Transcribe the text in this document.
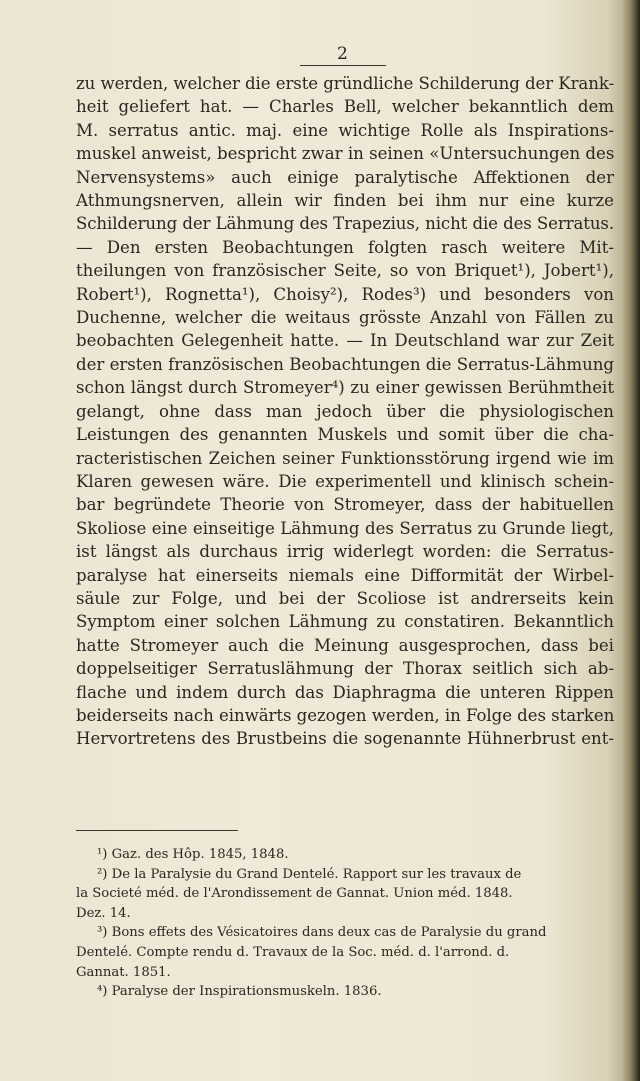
2
zu werden, welcher die erste gründliche Schilderung der Krank-
heit geliefert hat. — Charles Bell, welcher bekanntlich dem
M. serratus antic. maj. eine wichtige Rolle als Inspirations-
muskel anweist, bespricht zwar in seinen «Untersuchungen des
Nervensystems» auch einige paralytische Affektionen der
Athmungsnerven, allein wir finden bei ihm nur eine kurze
Schilderung der Lähmung des Trapezius, nicht die des Serratus.
— Den ersten Beobachtungen folgten rasch weitere Mit-
theilungen von französischer Seite, so von Briquet¹), Jobert¹),
Robert¹), Rognetta¹), Choisy²), Rodes³) und besonders von
Duchenne, welcher die weitaus grösste Anzahl von Fällen zu
beobachten Gelegenheit hatte. — In Deutschland war zur Zeit
der ersten französischen Beobachtungen die Serratus-Lähmung
schon längst durch Stromeyer⁴) zu einer gewissen Berühmtheit
gelangt, ohne dass man jedoch über die physiologischen
Leistungen des genannten Muskels und somit über die cha-
racteristischen Zeichen seiner Funktionsstörung irgend wie im
Klaren gewesen wäre. Die experimentell und klinisch schein-
bar begründete Theorie von Stromeyer, dass der habituellen
Skoliose eine einseitige Lähmung des Serratus zu Grunde liegt,
ist längst als durchaus irrig widerlegt worden: die Serratus-
paralyse hat einerseits niemals eine Difformität der Wirbel-
säule zur Folge, und bei der Scoliose ist andrerseits kein
Symptom einer solchen Lähmung zu constatiren. Bekanntlich
hatte Stromeyer auch die Meinung ausgesprochen, dass bei
doppelseitiger Serratuslähmung der Thorax seitlich sich ab-
flache und indem durch das Diaphragma die unteren Rippen
beiderseits nach einwärts gezogen werden, in Folge des starken
Hervortretens des Brustbeins die sogenannte Hühnerbrust ent-
¹) Gaz. des Hôp. 1845, 1848.
²) De la Paralysie du Grand Dentelé. Rapport sur les travaux de
la Societé méd. de l'Arondissement de Gannat. Union méd. 1848.
Dez. 14.
³) Bons effets des Vésicatoires dans deux cas de Paralysie du grand
Dentelé. Compte rendu d. Travaux de la Soc. méd. d. l'arrond. d.
Gannat. 1851.
⁴) Paralyse der Inspirationsmuskeln. 1836.
